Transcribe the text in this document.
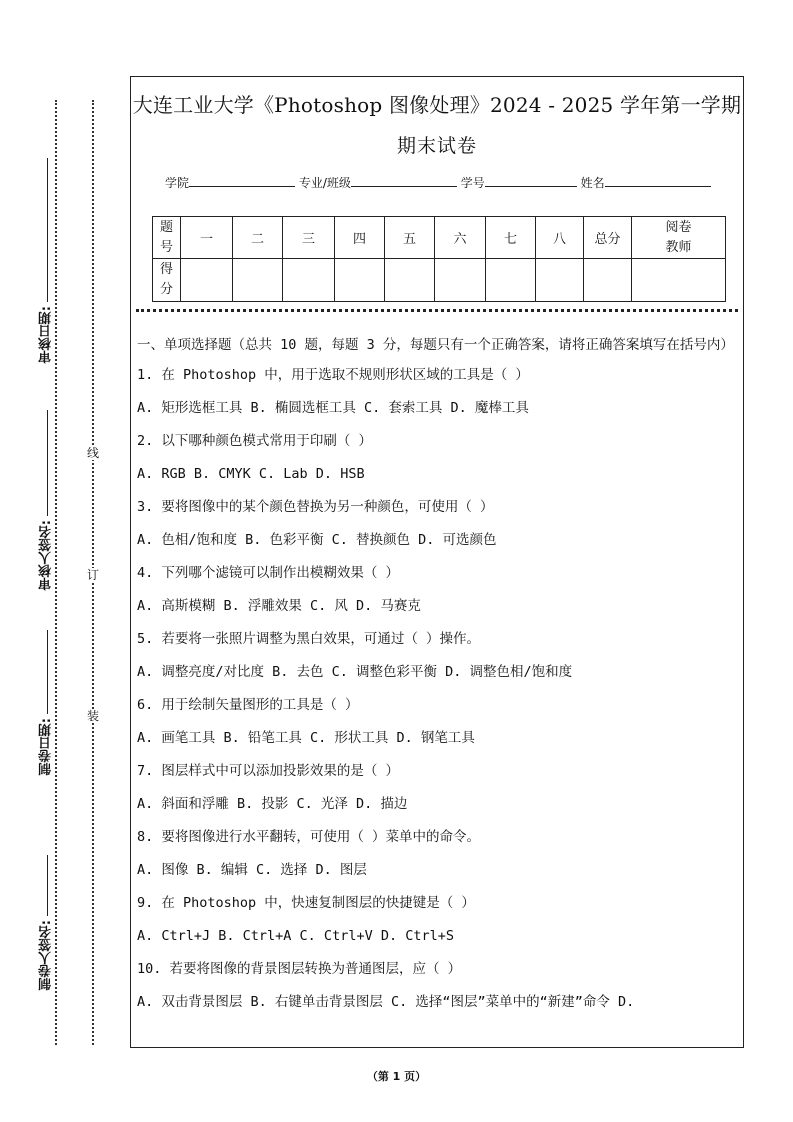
审核日期:
审核人签名:
制卷日期:
制卷人签名:
线
订
装
大连工业大学《Photoshop 图像处理》2024 - 2025 学年第一学期
期末试卷
学院	专业/班级	学号	姓名
题号	一	二	三	四	五	六	七	八	总分	阅卷教师
得分										
一、单项选择题（总共 10 题，每题 3 分，每题只有一个正确答案，请将正确答案填写在括号内）
1. 在 Photoshop 中，用于选取不规则形状区域的工具是（ ）
A. 矩形选框工具 B. 椭圆选框工具 C. 套索工具 D. 魔棒工具
2. 以下哪种颜色模式常用于印刷（ ）
A. RGB B. CMYK C. Lab D. HSB
3. 要将图像中的某个颜色替换为另一种颜色，可使用（ ）
A. 色相/饱和度 B. 色彩平衡 C. 替换颜色 D. 可选颜色
4. 下列哪个滤镜可以制作出模糊效果（ ）
A. 高斯模糊 B. 浮雕效果 C. 风 D. 马赛克
5. 若要将一张照片调整为黑白效果，可通过（ ）操作。
A. 调整亮度/对比度 B. 去色 C. 调整色彩平衡 D. 调整色相/饱和度
6. 用于绘制矢量图形的工具是（ ）
A. 画笔工具 B. 铅笔工具 C. 形状工具 D. 钢笔工具
7. 图层样式中可以添加投影效果的是（ ）
A. 斜面和浮雕 B. 投影 C. 光泽 D. 描边
8. 要将图像进行水平翻转，可使用（ ）菜单中的命令。
A. 图像 B. 编辑 C. 选择 D. 图层
9. 在 Photoshop 中，快速复制图层的快捷键是（ ）
A. Ctrl+J B. Ctrl+A C. Ctrl+V D. Ctrl+S
10. 若要将图像的背景图层转换为普通图层，应（ ）
A. 双击背景图层 B. 右键单击背景图层 C. 选择“图层”菜单中的“新建”命令 D.
（第 1 页）
